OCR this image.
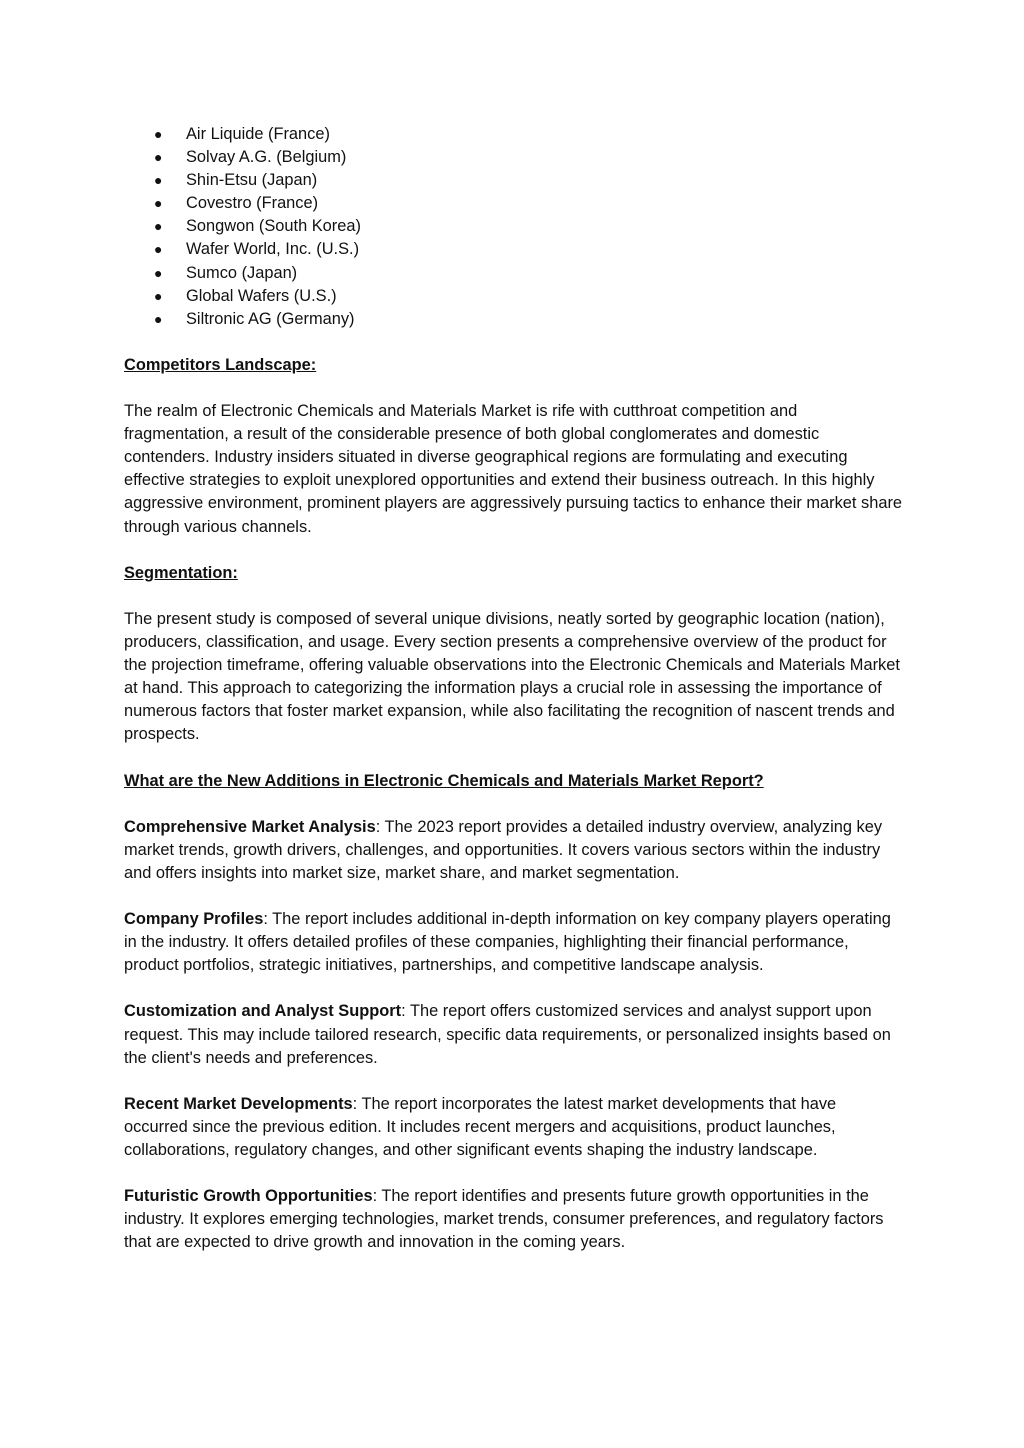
● Air Liquide (France)
● Solvay A.G. (Belgium)
● Shin-Etsu (Japan)
● Covestro (France)
● Songwon (South Korea)
● Wafer World, Inc. (U.S.)
● Sumco (Japan)
● Global Wafers (U.S.)
● Siltronic AG (Germany)
Competitors Landscape:

The realm of Electronic Chemicals and Materials Market is rife with cutthroat competition and fragmentation, a result of the considerable presence of both global conglomerates and domestic contenders. Industry insiders situated in diverse geographical regions are formulating and executing effective strategies to exploit unexplored opportunities and extend their business outreach. In this highly aggressive environment, prominent players are aggressively pursuing tactics to enhance their market share through various channels.

Segmentation:

The present study is composed of several unique divisions, neatly sorted by geographic location (nation), producers, classification, and usage. Every section presents a comprehensive overview of the product for the projection timeframe, offering valuable observations into the Electronic Chemicals and Materials Market at hand. This approach to categorizing the information plays a crucial role in assessing the importance of numerous factors that foster market expansion, while also facilitating the recognition of nascent trends and prospects.

What are the New Additions in Electronic Chemicals and Materials Market Report?

Comprehensive Market Analysis: The 2023 report provides a detailed industry overview, analyzing key market trends, growth drivers, challenges, and opportunities. It covers various sectors within the industry and offers insights into market size, market share, and market segmentation.

Company Profiles: The report includes additional in-depth information on key company players operating in the industry. It offers detailed profiles of these companies, highlighting their financial performance, product portfolios, strategic initiatives, partnerships, and competitive landscape analysis.

Customization and Analyst Support: The report offers customized services and analyst support upon request. This may include tailored research, specific data requirements, or personalized insights based on the client's needs and preferences.

Recent Market Developments: The report incorporates the latest market developments that have occurred since the previous edition. It includes recent mergers and acquisitions, product launches, collaborations, regulatory changes, and other significant events shaping the industry landscape.

Futuristic Growth Opportunities: The report identifies and presents future growth opportunities in the industry. It explores emerging technologies, market trends, consumer preferences, and regulatory factors that are expected to drive growth and innovation in the coming years.
